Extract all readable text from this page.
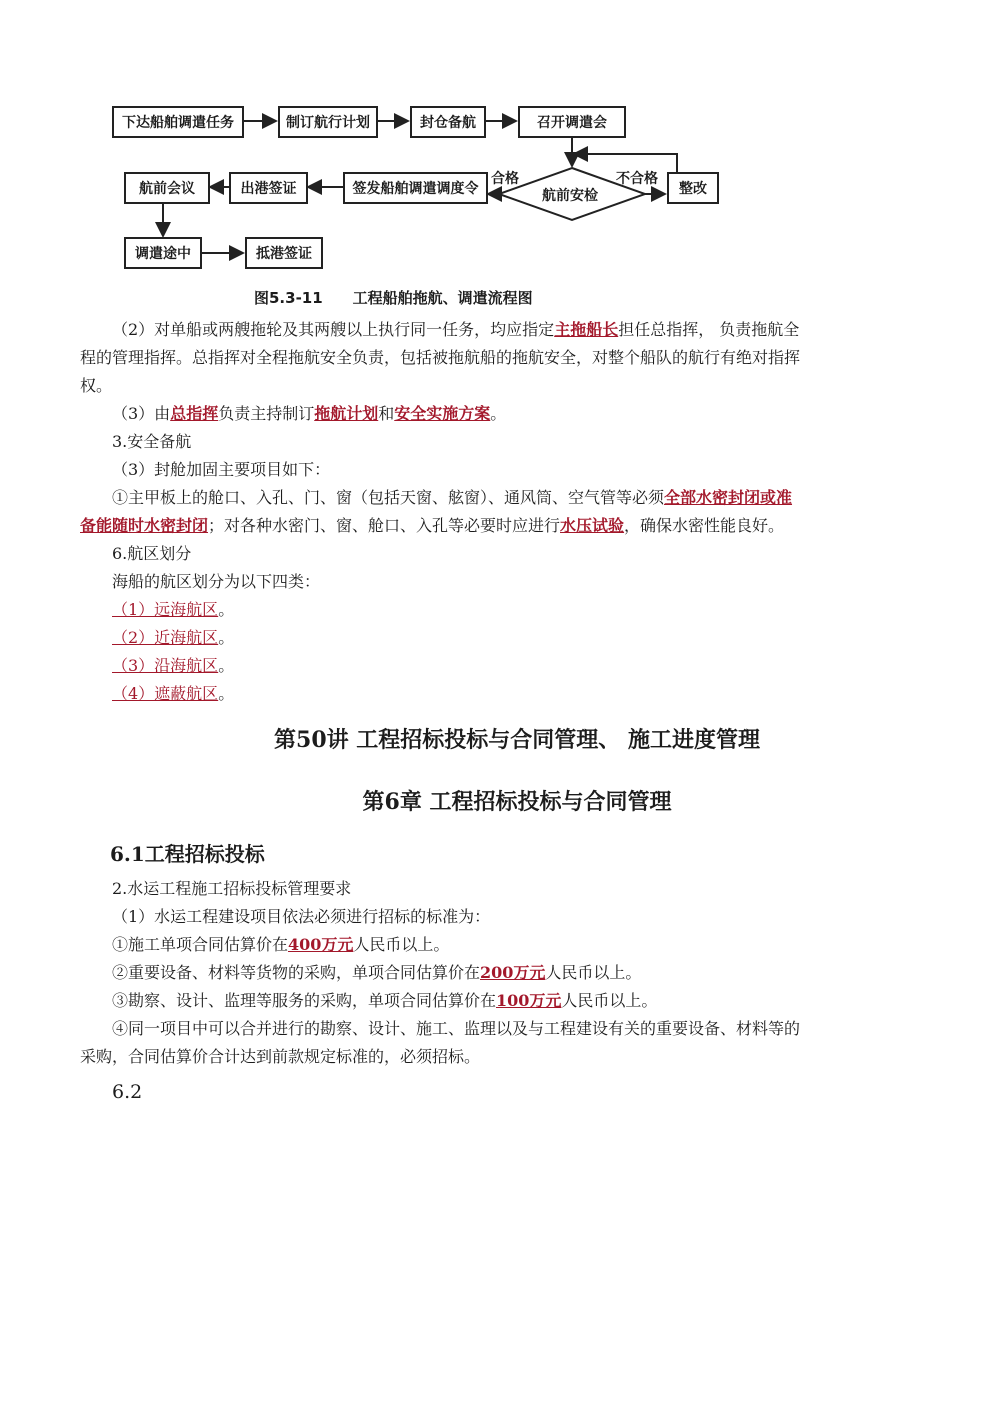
下达船舶调遣任务	制订航行计划	封仓备航	召开调遣会
航前安检	整改
签发船舶调遣调度令
出港签证
航前会议
调遣途中	抵港签证
合格	不合格
图5.3-11　　工程船舶拖航、调遣流程图
（2）对单船或两艘拖轮及其两艘以上执行同一任务，均应指定主拖船长担任总指挥， 负责拖航全
程的管理指挥。总指挥对全程拖航安全负责，包括被拖航船的拖航安全，对整个船队的航行有绝对指挥
权。
（3）由总指挥负责主持制订拖航计划和安全实施方案。
3.安全备航
（3）封舱加固主要项目如下：
①主甲板上的舱口、入孔、门、窗（包括天窗、舷窗）、通风筒、空气管等必须全部水密封闭或准
备能随时水密封闭；对各种水密门、窗、舱口、入孔等必要时应进行水压试验，确保水密性能良好。
6.航区划分
海船的航区划分为以下四类：
（1）远海航区。
（2）近海航区。
（3）沿海航区。
（4）遮蔽航区。
第50讲 工程招标投标与合同管理、 施工进度管理
第6章 工程招标投标与合同管理
6.1工程招标投标
2.水运工程施工招标投标管理要求
（1）水运工程建设项目依法必须进行招标的标准为：
①施工单项合同估算价在400万元人民币以上。
②重要设备、材料等货物的采购，单项合同估算价在200万元人民币以上。
③勘察、设计、监理等服务的采购，单项合同估算价在100万元人民币以上。
④同一项目中可以合并进行的勘察、设计、施工、监理以及与工程建设有关的重要设备、材料等的
采购，合同估算价合计达到前款规定标准的，必须招标。
6.2
